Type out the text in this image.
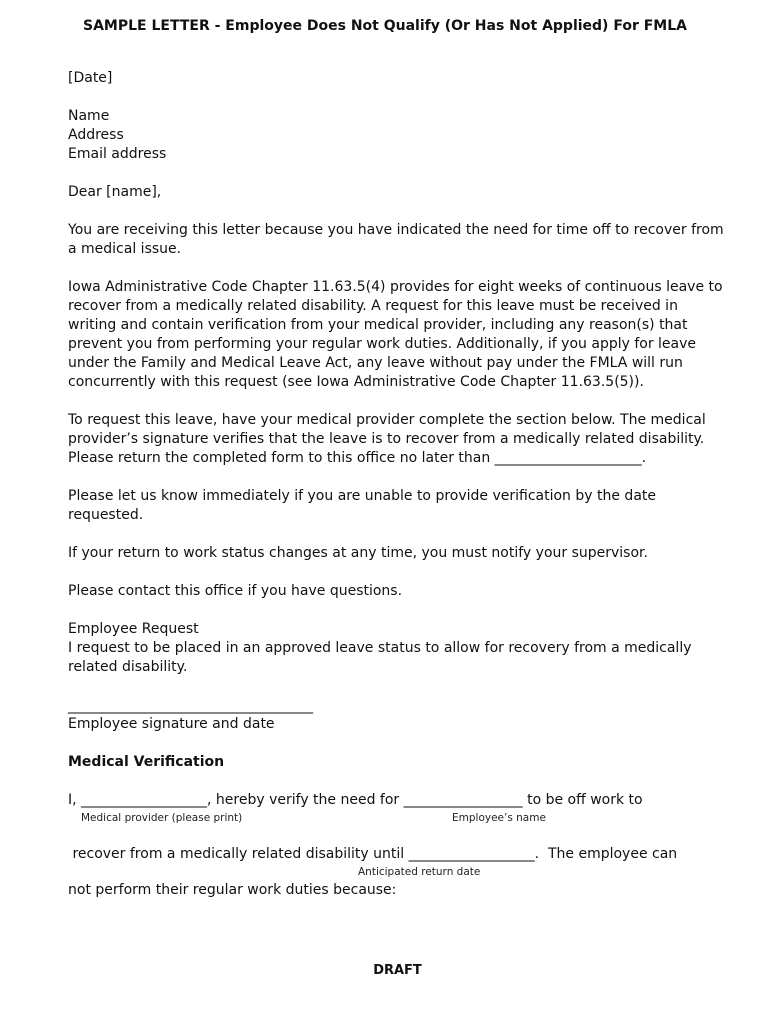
SAMPLE LETTER - Employee Does Not Qualify (Or Has Not Applied) For FMLA

[Date]

Name
Address
Email address

Dear [name],

You are receiving this letter because you have indicated the need for time off to recover from
a medical issue.

Iowa Administrative Code Chapter 11.63.5(4) provides for eight weeks of continuous leave to
recover from a medically related disability. A request for this leave must be received in
writing and contain verification from your medical provider, including any reason(s) that
prevent you from performing your regular work duties. Additionally, if you apply for leave
under the Family and Medical Leave Act, any leave without pay under the FMLA will run
concurrently with this request (see Iowa Administrative Code Chapter 11.63.5(5)).

To request this leave, have your medical provider complete the section below. The medical
provider’s signature verifies that the leave is to recover from a medically related disability.
Please return the completed form to this office no later than _____________________.

Please let us know immediately if you are unable to provide verification by the date
requested.

If your return to work status changes at any time, you must notify your supervisor.

Please contact this office if you have questions.

Employee Request
I request to be placed in an approved leave status to allow for recovery from a medically
related disability.

___________________________________

Employee signature and date

Medical Verification

I, __________________, hereby verify the need for _________________ to be off work to

Medical provider (please print)	Employee’s name

recover from a medically related disability until __________________.  The employee can

Anticipated return date

not perform their regular work duties because:

DRAFT
